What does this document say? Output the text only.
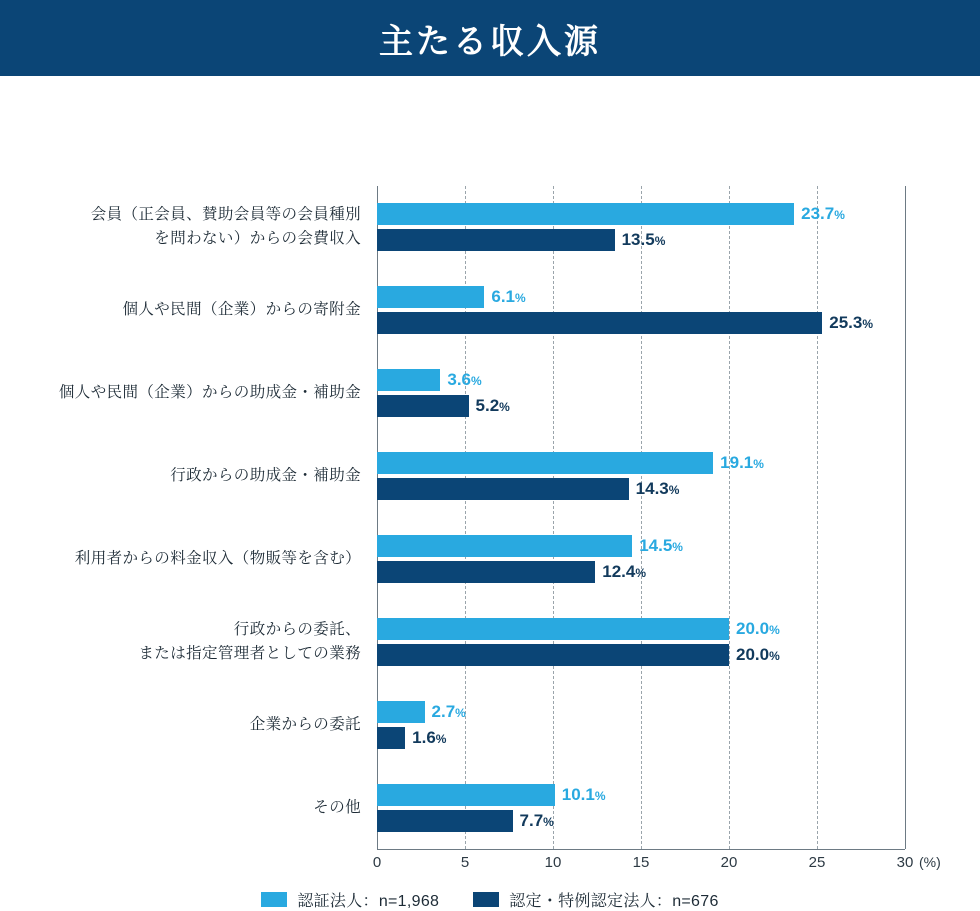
主たる収入源
0	5	10	15	20	25	30 (%)
会員（正会員、賛助会員等の会員種別
を問わない）からの会費収入
23.7%
13.5%
個人や民間（企業）からの寄附金
6.1%
25.3%
個人や民間（企業）からの助成金・補助金
3.6%
5.2%
行政からの助成金・補助金
19.1%
14.3%
利用者からの料金収入（物販等を含む）
14.5%
12.4%
行政からの委託、
または指定管理者としての業務
20.0%
20.0%
企業からの委託
2.7%
1.6%
その他
10.1%
7.7%
認証法人：n=1,968	認定・特例認定法人：n=676
